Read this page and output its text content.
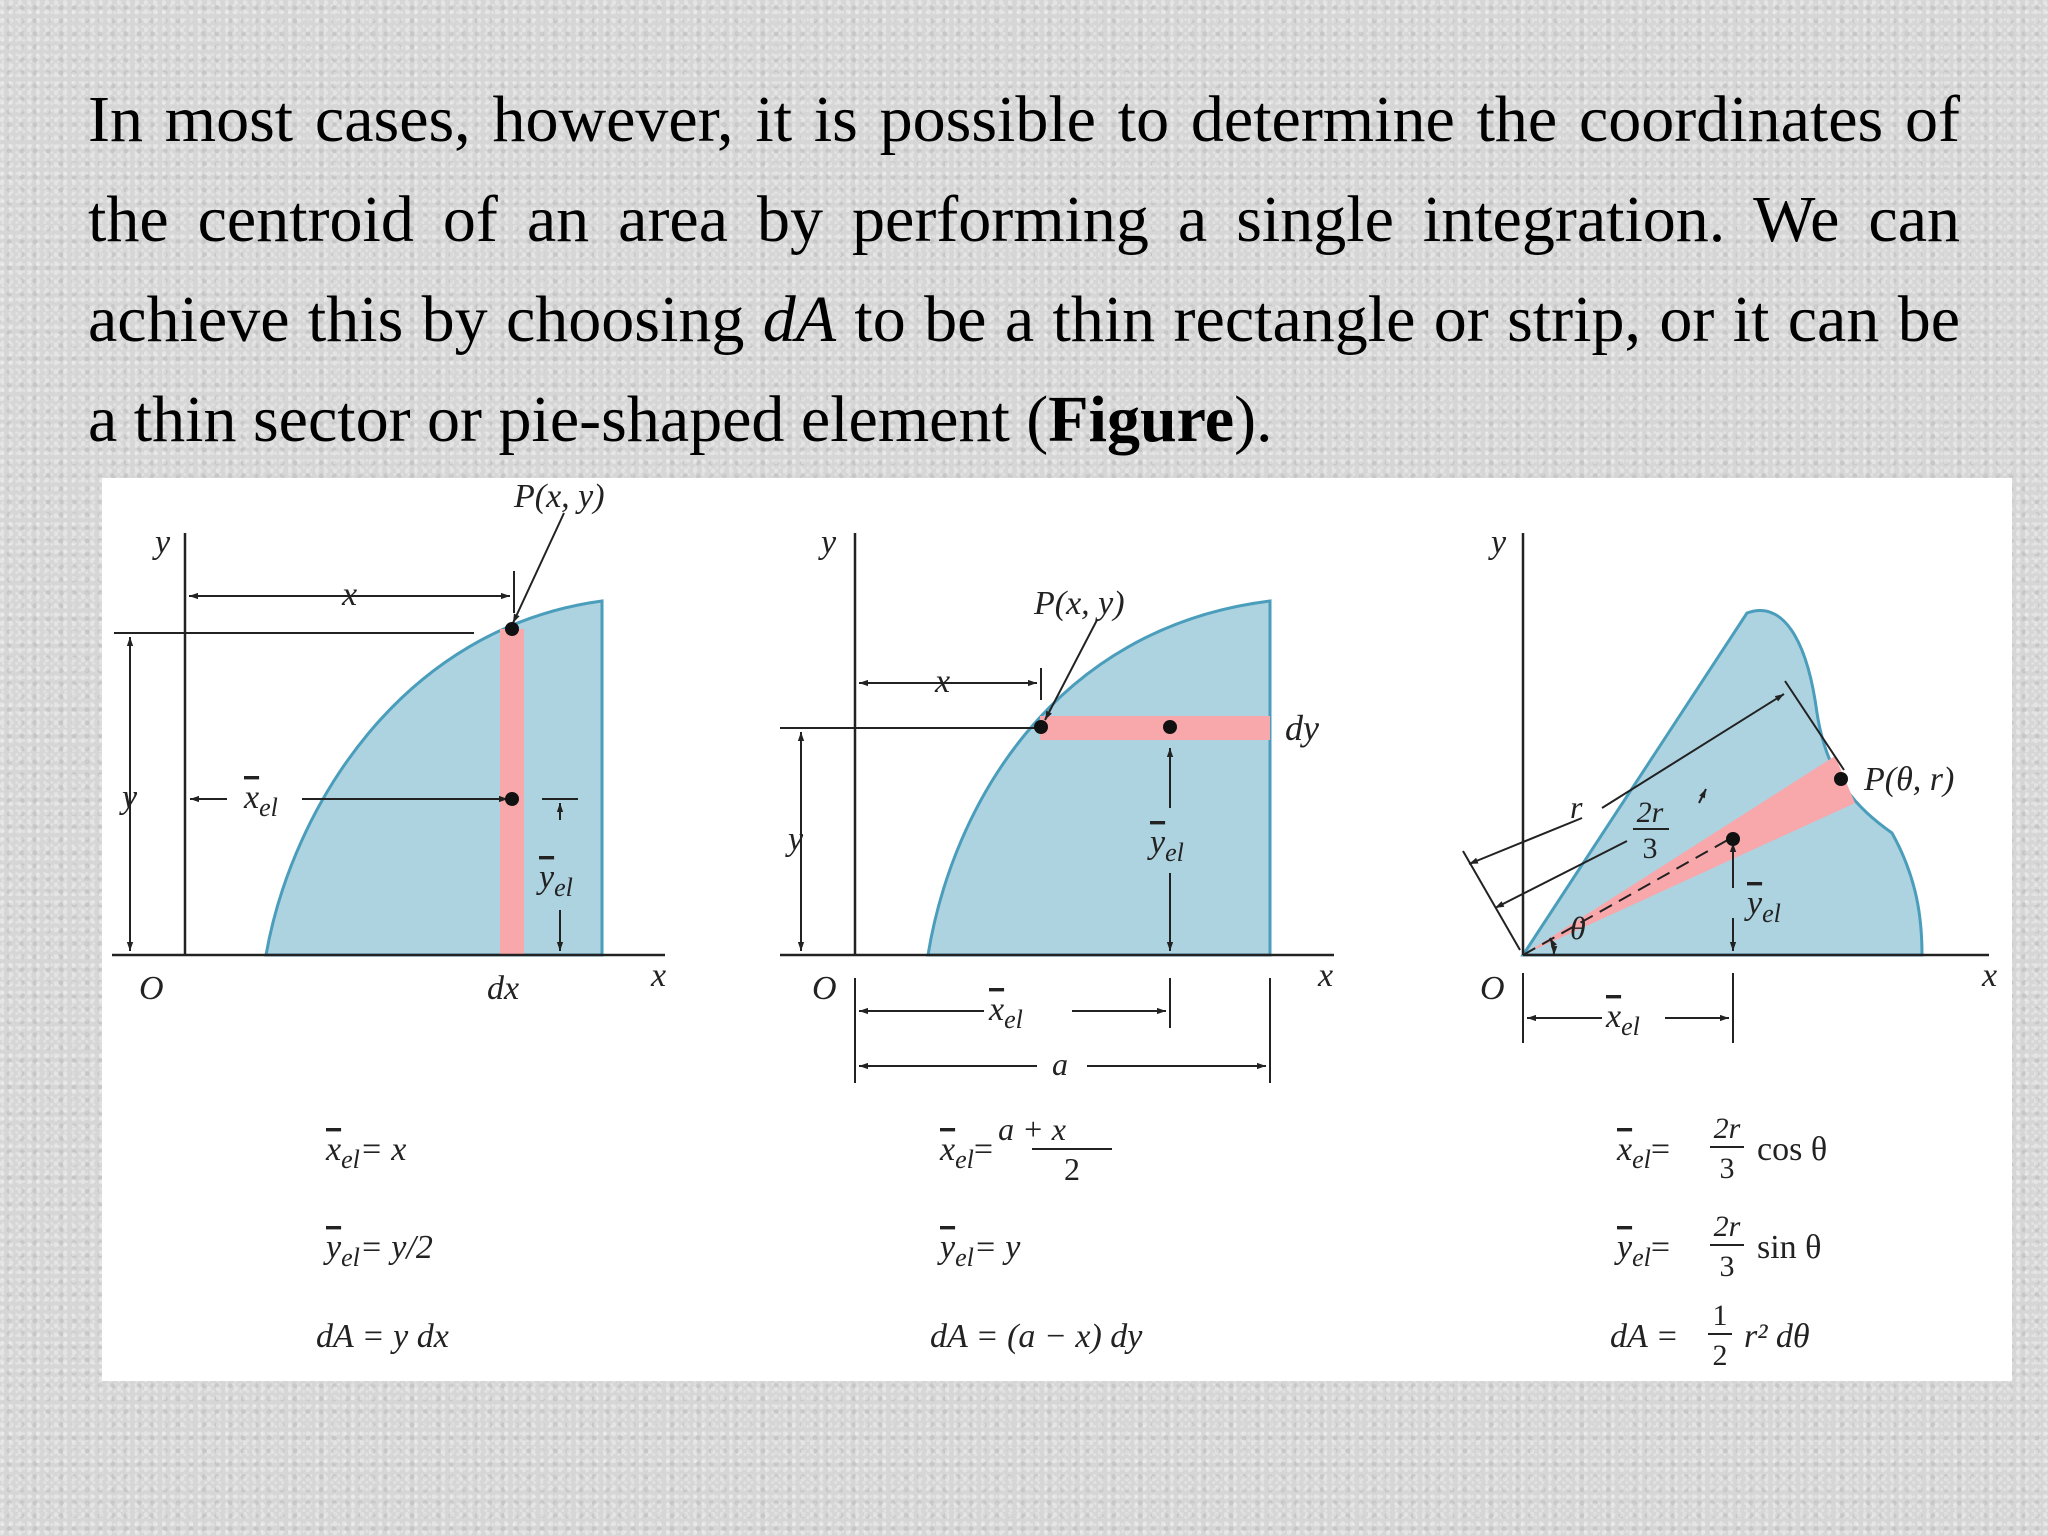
In most cases, however, it is possible to determine the coordinates of the centroid of an area by performing a single integration. We can achieve this by choosing dA to be a thin rectangle or strip, or it can be a thin sector or pie-shaped element (Figure).

y
x
O
P(x, y)
x
y	$x_{el}$
$y_{el}$
dx
$x_{el}= x$
$y_{el}= y/2$
dA = y dx
y
x
O
P(x, y)
x
y
dy
$y_{el}$
$x_{el}$
a
$x_{el}=$
a + x
2
$y_{el}= y$
dA = (a − x) dy
y
x
O
P(θ, r)
r 2r
3
θ
$y_{el}$
$x_{el}$
$x_{el}=$
2r
3
cos θ
$y_{el}=$
2r
3
sin θ
dA =
1
2
r² dθ
